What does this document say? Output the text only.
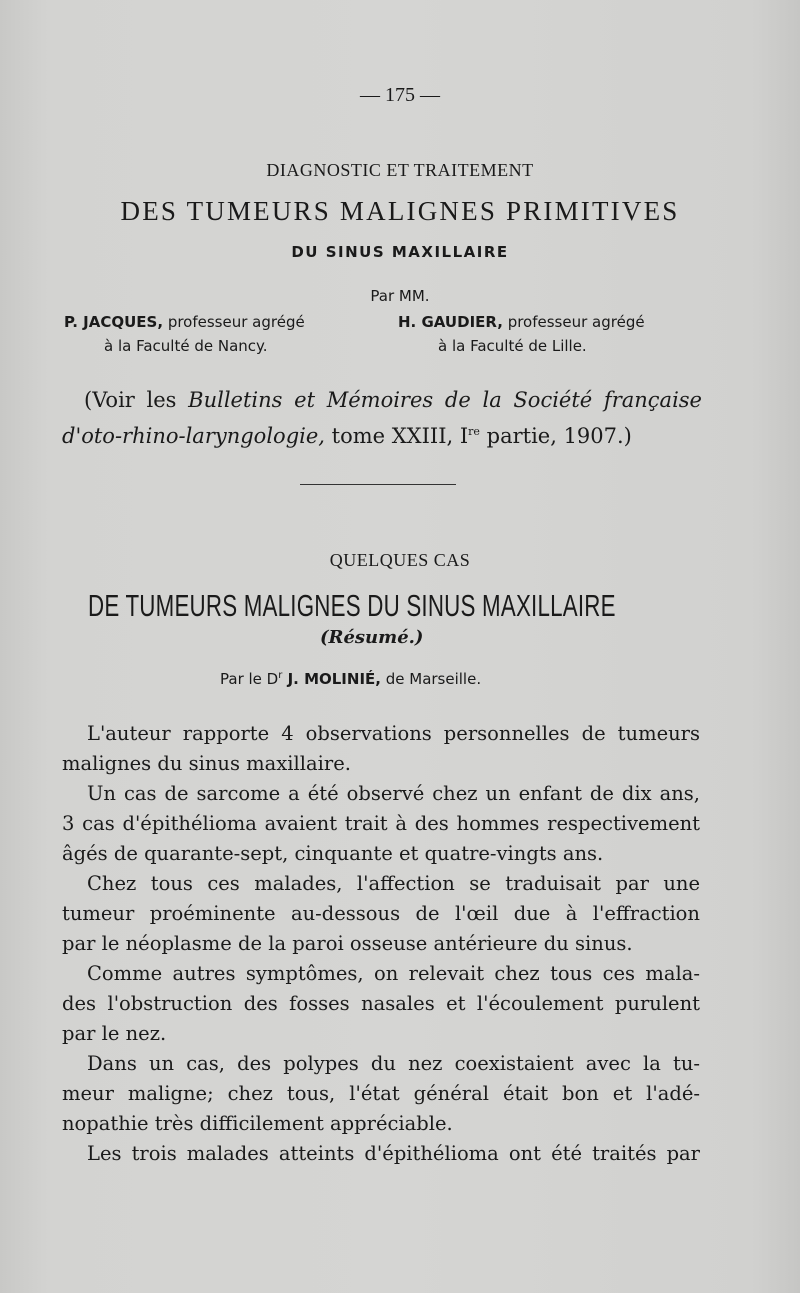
— 175 —
DIAGNOSTIC ET TRAITEMENT
DES TUMEURS MALIGNES PRIMITIVES
DU SINUS MAXILLAIRE
Par MM.
P. JACQUES, professeur agrégé
à la Faculté de Nancy.
H. GAUDIER, professeur agrégé
à la Faculté de Lille.
(Voir les Bulletins et Mémoires de la Société française
d'oto-rhino-laryngologie, tome XXIII, Ire partie, 1907.)
QUELQUES CAS
DE TUMEURS MALIGNES DU SINUS MAXILLAIRE
(Résumé.)
Par le $D^r$ J. MOLINIÉ, de Marseille.
L'auteur rapporte 4 observations personnelles de tumeurs
malignes du sinus maxillaire.
Un cas de sarcome a été observé chez un enfant de dix ans,
3 cas d'épithélioma avaient trait à des hommes respectivement
âgés de quarante-sept, cinquante et quatre-vingts ans.
Chez tous ces malades, l'affection se traduisait par une
tumeur proéminente au-dessous de l'œil due à l'effraction
par le néoplasme de la paroi osseuse antérieure du sinus.
Comme autres symptômes, on relevait chez tous ces mala-
des l'obstruction des fosses nasales et l'écoulement purulent
par le nez.
Dans un cas, des polypes du nez coexistaient avec la tu-
meur maligne; chez tous, l'état général était bon et l'adé-
nopathie très difficilement appréciable.
Les trois malades atteints d'épithélioma ont été traités par
